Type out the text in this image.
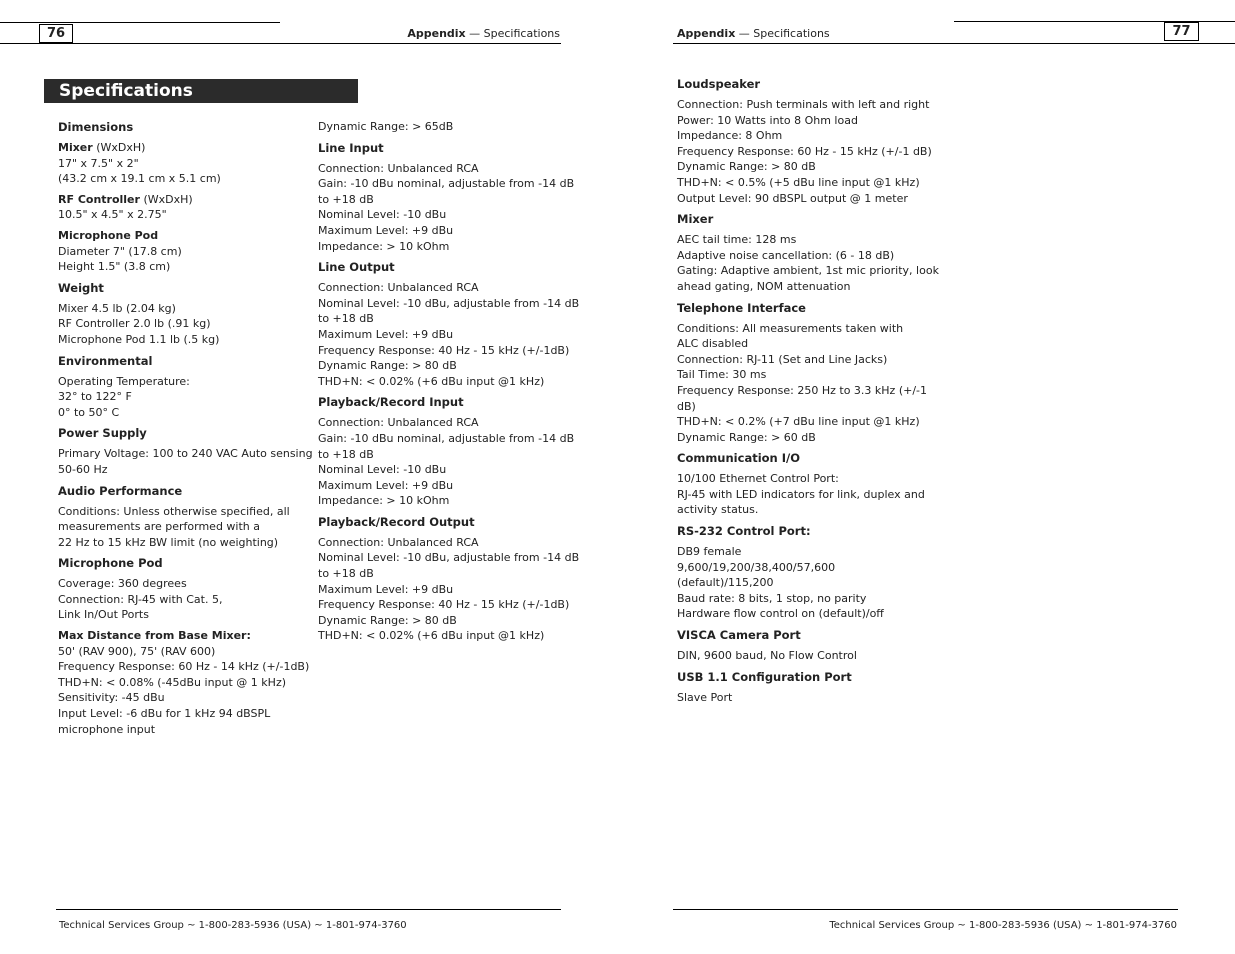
76	Appendix — Specifications
Specifications
77
Appendix — Specifications
Dimensions
Mixer (WxDxH)
17" x 7.5" x 2"
(43.2 cm x 19.1 cm x 5.1 cm)
RF Controller (WxDxH)
10.5" x 4.5" x 2.75"
Microphone Pod
Diameter 7" (17.8 cm)
Height 1.5" (3.8 cm)
Weight
Mixer 4.5 lb (2.04 kg)
RF Controller 2.0 lb (.91 kg)
Microphone Pod 1.1 lb (.5 kg)
Environmental
Operating Temperature:
32° to 122° F
0° to 50° C
Power Supply
Primary Voltage: 100 to 240 VAC Auto sensing
50-60 Hz
Audio Performance
Conditions: Unless otherwise specified, all
measurements are performed with a
22 Hz to 15 kHz BW limit (no weighting)
Microphone Pod
Coverage: 360 degrees
Connection: RJ-45 with Cat. 5,
Link In/Out Ports
Max Distance from Base Mixer:
50' (RAV 900), 75' (RAV 600)
Frequency Response: 60 Hz - 14 kHz (+/-1dB)
THD+N: < 0.08% (-45dBu input @ 1 kHz)
Sensitivity: -45 dBu
Input Level: -6 dBu for 1 kHz 94 dBSPL
microphone input
Dynamic Range: > 65dB
Line Input
Connection: Unbalanced RCA
Gain: -10 dBu nominal, adjustable from -14 dB
to +18 dB
Nominal Level: -10 dBu
Maximum Level: +9 dBu
Impedance: > 10 kOhm
Line Output
Connection: Unbalanced RCA
Nominal Level: -10 dBu, adjustable from -14 dB
to +18 dB
Maximum Level: +9 dBu
Frequency Response: 40 Hz - 15 kHz (+/-1dB)
Dynamic Range: > 80 dB
THD+N: < 0.02% (+6 dBu input @1 kHz)
Playback/Record Input
Connection: Unbalanced RCA
Gain: -10 dBu nominal, adjustable from -14 dB
to +18 dB
Nominal Level: -10 dBu
Maximum Level: +9 dBu
Impedance: > 10 kOhm
Playback/Record Output
Connection: Unbalanced RCA
Nominal Level: -10 dBu, adjustable from -14 dB
to +18 dB
Maximum Level: +9 dBu
Frequency Response: 40 Hz - 15 kHz (+/-1dB)
Dynamic Range: > 80 dB
THD+N: < 0.02% (+6 dBu input @1 kHz)
Loudspeaker
Connection: Push terminals with left and right
Power: 10 Watts into 8 Ohm load
Impedance: 8 Ohm
Frequency Response: 60 Hz - 15 kHz (+/-1 dB)
Dynamic Range: > 80 dB
THD+N: < 0.5% (+5 dBu line input @1 kHz)
Output Level: 90 dBSPL output @ 1 meter
Mixer
AEC tail time: 128 ms
Adaptive noise cancellation: (6 - 18 dB)
Gating: Adaptive ambient, 1st mic priority, look
ahead gating, NOM attenuation
Telephone Interface
Conditions: All measurements taken with
ALC disabled
Connection: RJ-11 (Set and Line Jacks)
Tail Time: 30 ms
Frequency Response: 250 Hz to 3.3 kHz (+/-1
dB)
THD+N: < 0.2% (+7 dBu line input @1 kHz)
Dynamic Range: > 60 dB
Communication I/O
10/100 Ethernet Control Port:
RJ-45 with LED indicators for link, duplex and
activity status.
RS-232 Control Port:
DB9 female
9,600/19,200/38,400/57,600
(default)/115,200
Baud rate: 8 bits, 1 stop, no parity
Hardware flow control on (default)/off
VISCA Camera Port
DIN, 9600 baud, No Flow Control
USB 1.1 Configuration Port
Slave Port
Technical Services Group ~ 1-800-283-5936 (USA) ~ 1-801-974-3760	Technical Services Group ~ 1-800-283-5936 (USA) ~ 1-801-974-3760
